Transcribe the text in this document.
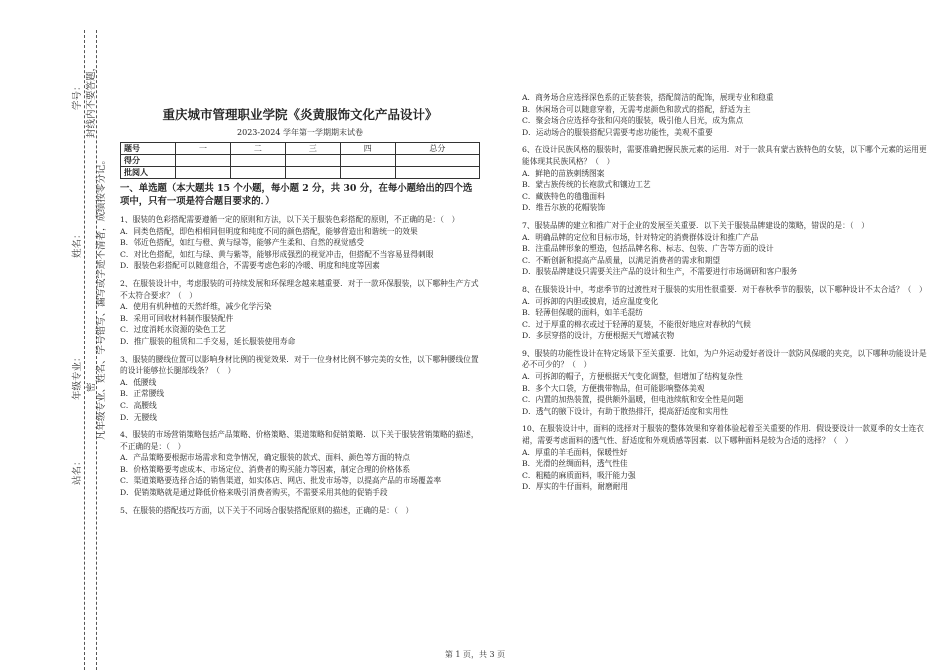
学号： 封线内不要答题，
姓名： 凡年级专业、姓名、学号错写、漏写或字迹不清者，成绩按零分记。
年级专业： 密
站名：
重庆城市管理职业学院《炎黄服饰文化产品设计》
2023-2024 学年第一学期期末试卷
题号	一	二	三	四	总分
得分					
批阅人					
一、单选题（本大题共 15 个小题，每小题 2 分，共 30 分，在每小题给出的四个选项中，只有一项是符合题目要求的．）
1、服装的色彩搭配需要遵循一定的原则和方法，以下关于服装色彩搭配的原则，不正确的是：（　）
A．同类色搭配，即色相相同但明度和纯度不同的颜色搭配，能够营造出和谐统一的效果
B．邻近色搭配，如红与橙、黄与绿等，能够产生柔和、自然的视觉感受
C．对比色搭配，如红与绿、黄与紫等，能够形成强烈的视觉冲击，但搭配不当容易显得刺眼
D．服装色彩搭配可以随意组合，不需要考虑色彩的冷暖、明度和纯度等因素
2、在服装设计中，考虑服装的可持续发展和环保理念越来越重要．对于一款环保服装，以下哪种生产方式不太符合要求？（　）
A．使用有机种植的天然纤维，减少化学污染
B．采用可回收材料制作服装配件
C．过度消耗水资源的染色工艺
D．推广服装的租赁和二手交易，延长服装使用寿命
3、服装的腰线位置可以影响身材比例的视觉效果．对于一位身材比例不够完美的女性，以下哪种腰线位置的设计能够拉长腿部线条？（　）
A．低腰线
B．正常腰线
C．高腰线
D．无腰线
4、服装的市场营销策略包括产品策略、价格策略、渠道策略和促销策略．以下关于服装营销策略的描述，不正确的是：（　）
A．产品策略要根据市场需求和竞争情况，确定服装的款式、面料、颜色等方面的特点
B．价格策略要考虑成本、市场定位、消费者的购买能力等因素，制定合理的价格体系
C．渠道策略要选择合适的销售渠道，如实体店、网店、批发市场等，以提高产品的市场覆盖率
D．促销策略就是通过降低价格来吸引消费者购买，不需要采用其他的促销手段
5、在服装的搭配技巧方面，以下关于不同场合服装搭配原则的描述，正确的是：（　）
A．商务场合应选择深色系的正装套装，搭配简洁的配饰，展现专业和稳重
B．休闲场合可以随意穿着，无需考虑颜色和款式的搭配，舒适为主
C．聚会场合应选择夸张和闪亮的服装，吸引他人目光，成为焦点
D．运动场合的服装搭配只需要考虑功能性，美观不重要
6、在设计民族风格的服装时，需要准确把握民族元素的运用．对于一款具有蒙古族特色的女装，以下哪个元素的运用更能体现其民族风格？（　）
A．鲜艳的苗族刺绣图案
B．蒙古族传统的长袍款式和镶边工艺
C．藏族特色的氆氇面料
D．维吾尔族的花帽装饰
7、服装品牌的建立和推广对于企业的发展至关重要．以下关于服装品牌建设的策略，错误的是：（　）
A．明确品牌的定位和目标市场，针对特定的消费群体设计和推广产品
B．注重品牌形象的塑造，包括品牌名称、标志、包装、广告等方面的设计
C．不断创新和提高产品质量，以满足消费者的需求和期望
D．服装品牌建设只需要关注产品的设计和生产，不需要进行市场调研和客户服务
8、在服装设计中，考虑季节的过渡性对于服装的实用性很重要．对于春秋季节的服装，以下哪种设计不太合适？（　）
A．可拆卸的内胆或披肩，适应温度变化
B．轻薄但保暖的面料，如羊毛混纺
C．过于厚重的棉衣或过于轻薄的夏装，不能很好地应对春秋的气候
D．多层穿搭的设计，方便根据天气增减衣物
9、服装的功能性设计在特定场景下至关重要．比如，为户外运动爱好者设计一款防风保暖的夹克，以下哪种功能设计是必不可少的？（　）
A．可拆卸的帽子，方便根据天气变化调整，但增加了结构复杂性
B．多个大口袋，方便携带物品，但可能影响整体美观
C．内置的加热装置，提供额外温暖，但电池续航和安全性是问题
D．透气的腋下设计，有助于散热排汗，提高舒适度和实用性
10、在服装设计中，面料的选择对于服装的整体效果和穿着体验起着至关重要的作用．假设要设计一款夏季的女士连衣裙，需要考虑面料的透气性、舒适度和外观质感等因素．以下哪种面料是较为合适的选择？（　）
A．厚重的羊毛面料，保暖性好
B．光滑的丝绸面料，透气性佳
C．粗糙的麻质面料，吸汗能力强
D．厚实的牛仔面料，耐磨耐用
第 1 页，共 3 页
